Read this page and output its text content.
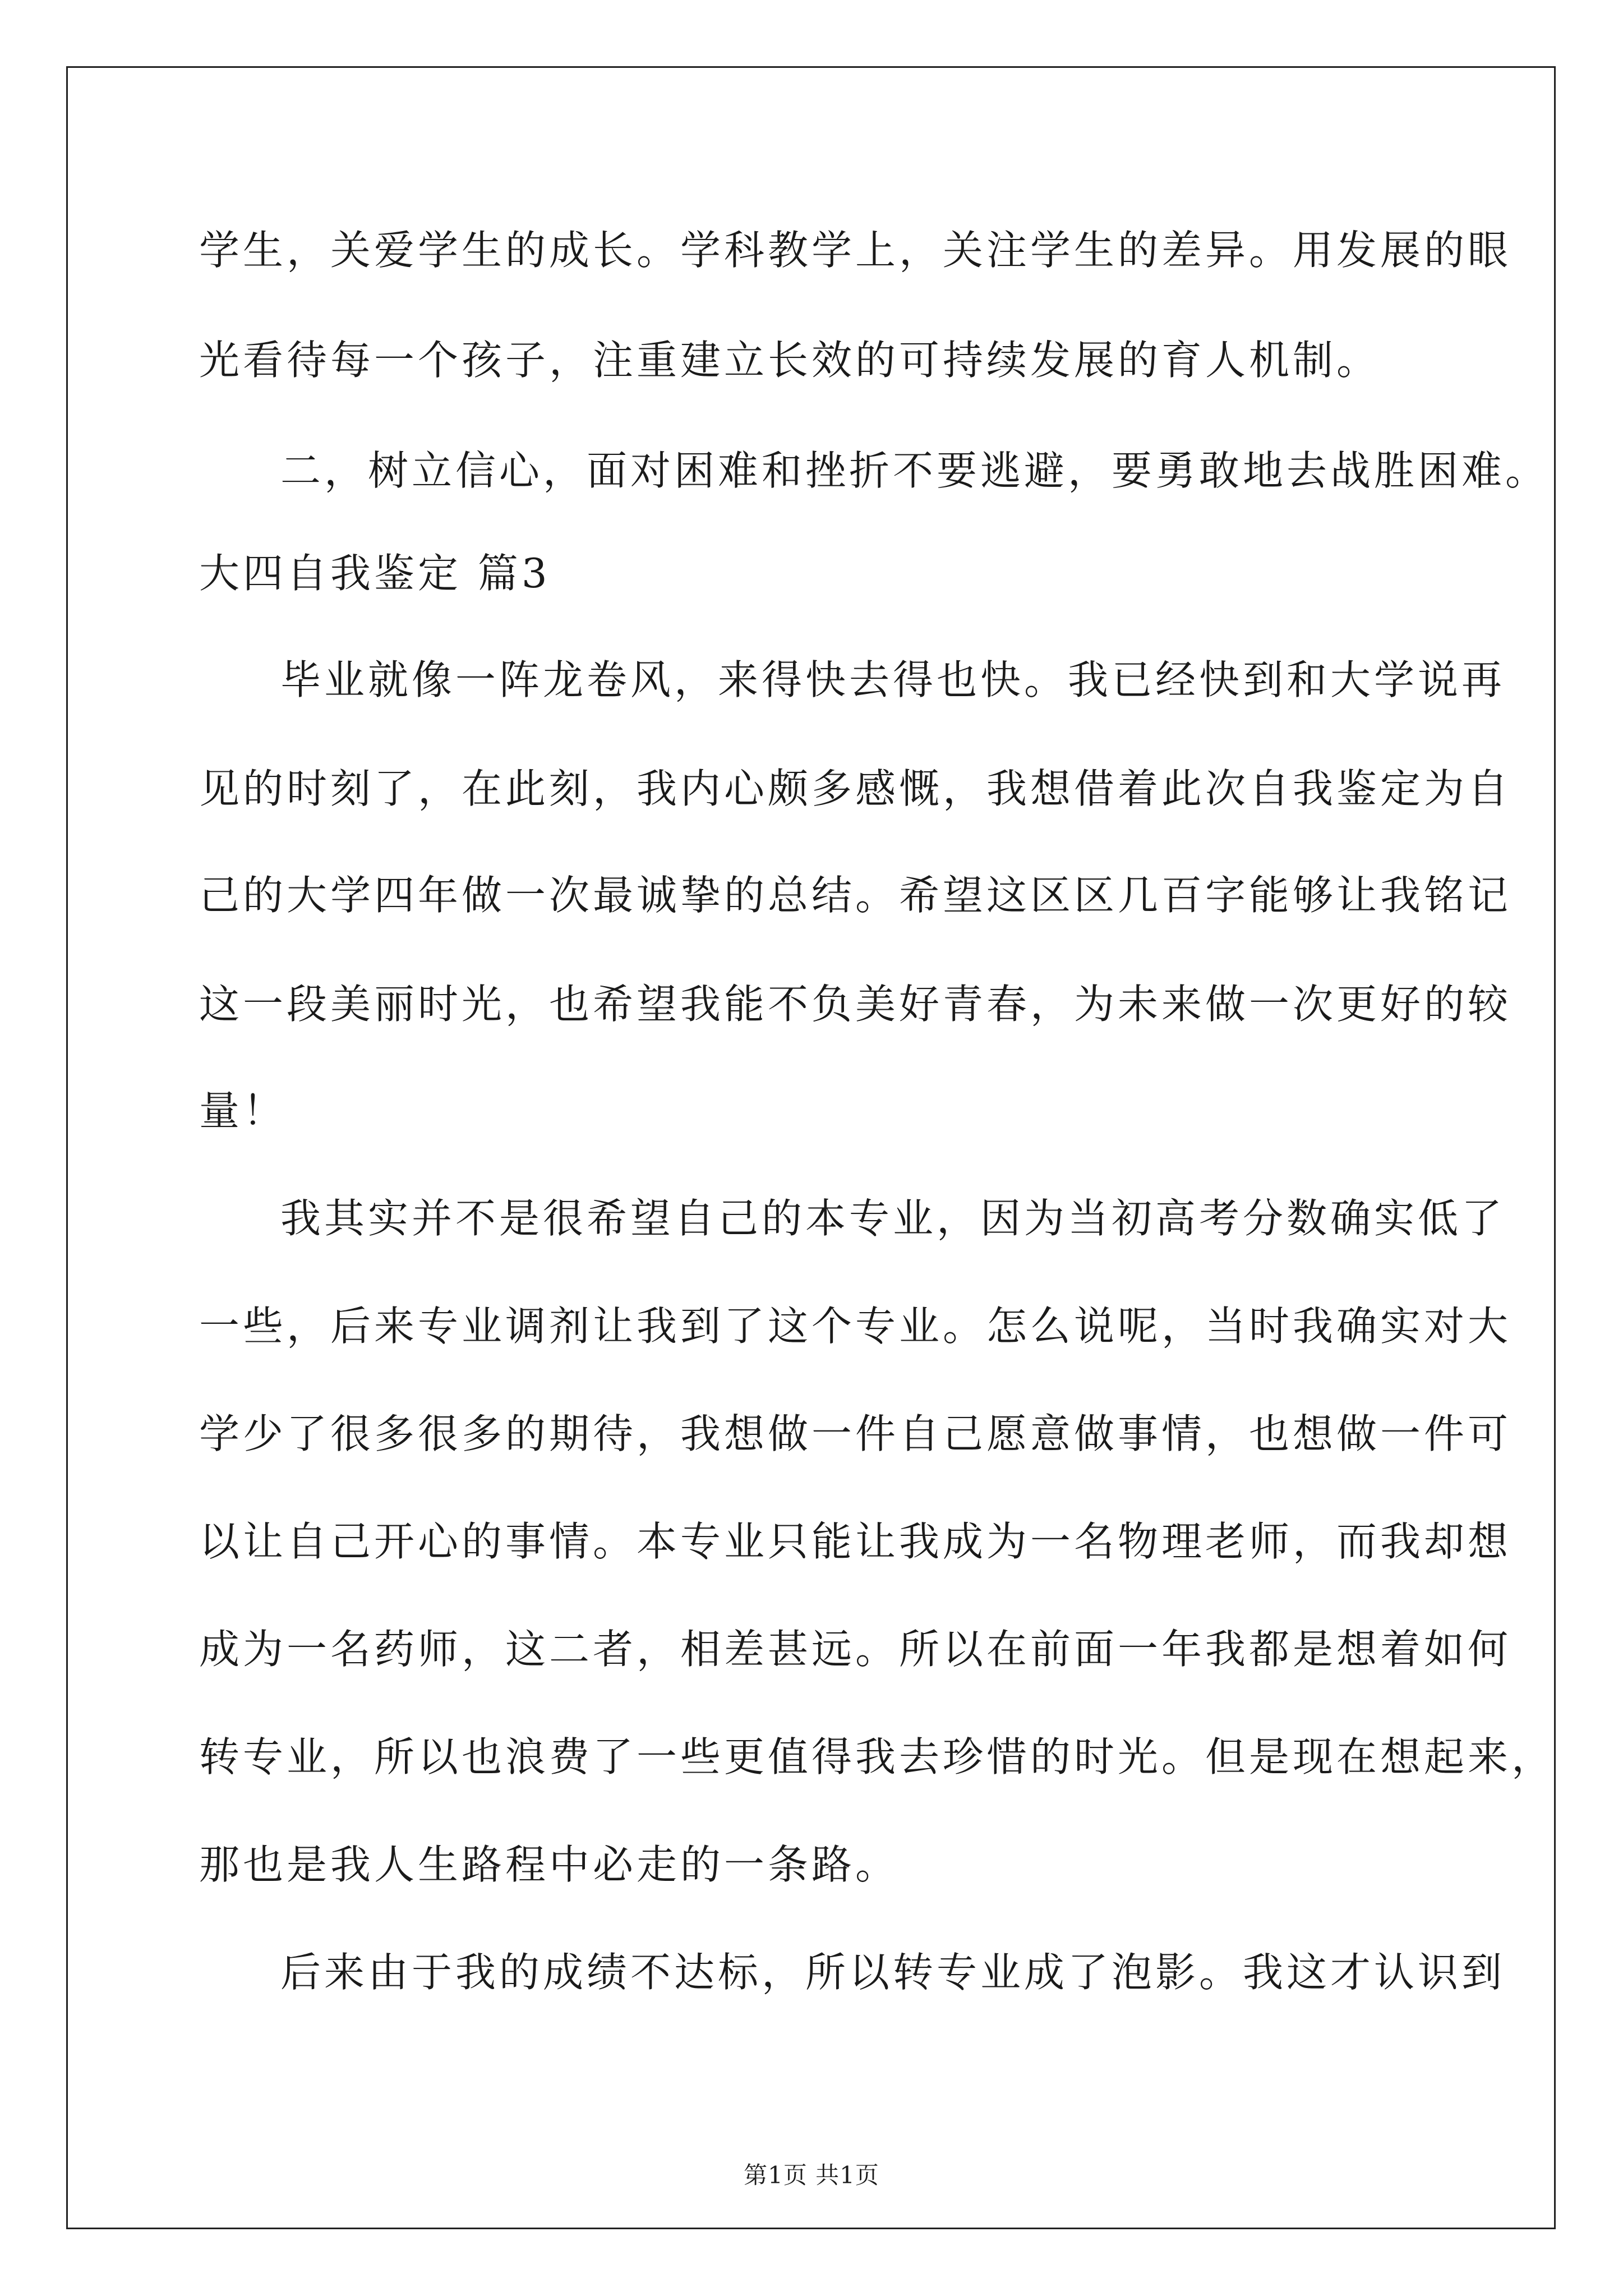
学生，关爱学生的成长。学科教学上，关注学生的差异。用发展的眼
光看待每一个孩子，注重建立长效的可持续发展的育人机制。
二，树立信心，面对困难和挫折不要逃避，要勇敢地去战胜困难。
大四自我鉴定 篇3
毕业就像一阵龙卷风，来得快去得也快。我已经快到和大学说再
见的时刻了，在此刻，我内心颇多感慨，我想借着此次自我鉴定为自
己的大学四年做一次最诚挚的总结。希望这区区几百字能够让我铭记
这一段美丽时光，也希望我能不负美好青春，为未来做一次更好的较
量！
我其实并不是很希望自己的本专业，因为当初高考分数确实低了
一些，后来专业调剂让我到了这个专业。怎么说呢，当时我确实对大
学少了很多很多的期待，我想做一件自己愿意做事情，也想做一件可
以让自己开心的事情。本专业只能让我成为一名物理老师，而我却想
成为一名药师，这二者，相差甚远。所以在前面一年我都是想着如何
转专业，所以也浪费了一些更值得我去珍惜的时光。但是现在想起来，
那也是我人生路程中必走的一条路。
后来由于我的成绩不达标，所以转专业成了泡影。我这才认识到
第1页 共1页
